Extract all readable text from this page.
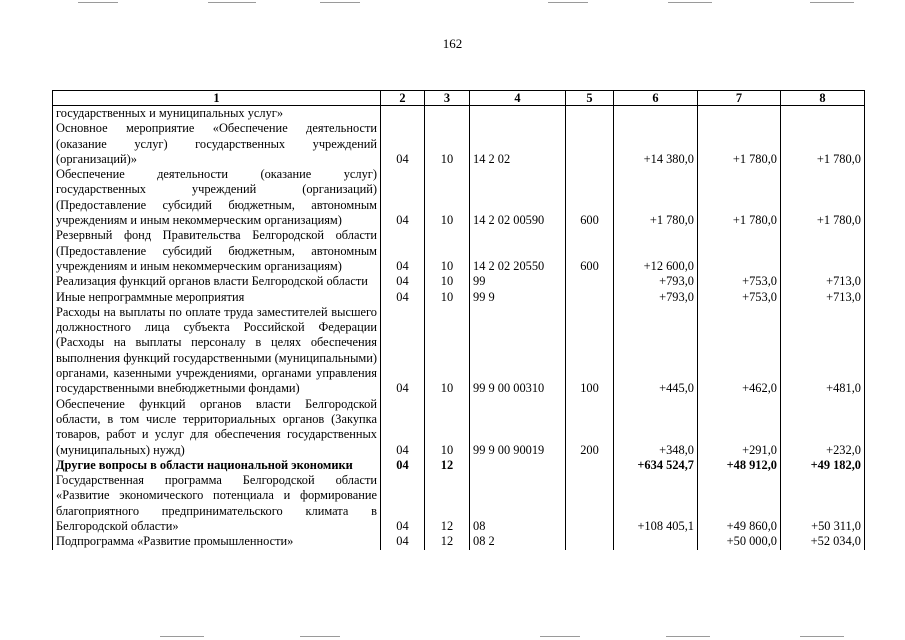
162
1	2	3	4	5	6	7	8
государственных и муниципальных услуг»							
Основное мероприятие «Обеспечение деятельности (оказание услуг) государственных учреждений (организаций)»	04	10	14 2 02		+14 380,0	+1 780,0	+1 780,0
Обеспечение деятельности (оказание услуг) государственных учреждений (организаций) (Предоставление субсидий бюджетным, автономным учреждениям и иным некоммерческим организациям)	04	10	14 2 02 00590	600	+1 780,0	+1 780,0	+1 780,0
Резервный фонд Правительства Белгородской области (Предоставление субсидий бюджетным, автономным учреждениям и иным некоммерческим организациям)	04	10	14 2 02 20550	600	+12 600,0		
Реализация функций органов власти Белгородской области	04	10	99		+793,0	+753,0	+713,0
Иные непрограммные мероприятия	04	10	99 9		+793,0	+753,0	+713,0
Расходы на выплаты по оплате труда заместителей высшего должностного лица субъекта Российской Федерации (Расходы на выплаты персоналу в целях обеспечения выполнения функций государственными (муниципальными) органами, казенными учреждениями, органами управления государственными внебюджетными фондами)	04	10	99 9 00 00310	100	+445,0	+462,0	+481,0
Обеспечение функций органов власти Белгородской области, в том числе территориальных органов (Закупка товаров, работ и услуг для обеспечения государственных (муниципальных) нужд)	04	10	99 9 00 90019	200	+348,0	+291,0	+232,0
Другие вопросы в области национальной экономики	04	12			+634 524,7	+48 912,0	+49 182,0
Государственная программа Белгородской области «Развитие экономического потенциала и формирование благоприятного предпринимательского климата в Белгородской области»	04	12	08		+108 405,1	+49 860,0	+50 311,0
Подпрограмма «Развитие промышленности»	04	12	08 2			+50 000,0	+52 034,0
